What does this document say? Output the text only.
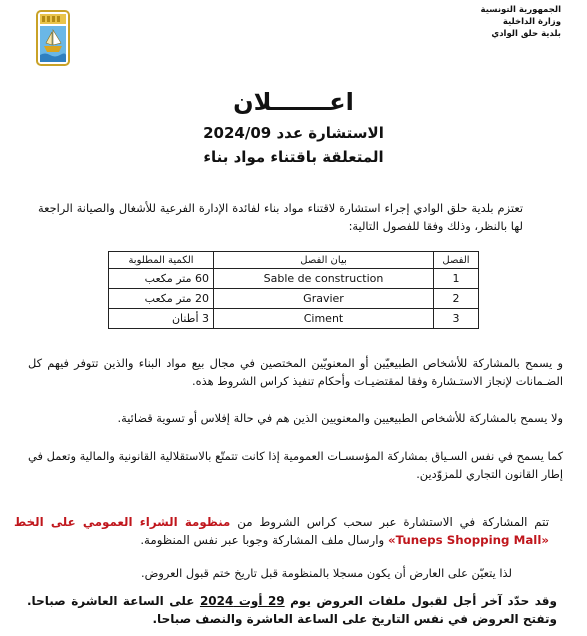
الجمهورية التونسية
وزارة الداخلية
بلدية حلق الوادي
اعـــــــلان
الاستشارة عدد 2024/09
المتعلقة باقتناء مواد بناء
تعتزم بلدية حلق الوادي إجراء استشارة لاقتناء مواد بناء لفائدة الإدارة الفرعية للأشغال والصيانة الراجعة لها بالنظر، وذلك وفقا للفصول التالية:
الكمية المطلوبة	بيان الفصل	الفصل
60 متر مكعب	Sable de construction	1
20 متر مكعب	Gravier	2
3 أطنان	Ciment	3
و يسمح بالمشاركة للأشخاص الطبيعيّين أو المعنويّين المختصين في مجال بيع مواد البناء والذين تتوفر فيهم كل الضـمانات لإنجاز الاستـشارة وفقا لمقتضيـات وأحكام تنفيذ كراس الشروط هذه.
ولا يسمح بالمشاركة للأشخاص الطبيعيين والمعنويين الذين هم في حالة إفلاس أو تسوية قضائية.
كما يسمح في نفس السـياق بمشاركة المؤسسـات العمومية إذا كانت تتمتّع بالاستقلالية القانونية والمالية وتعمل في إطار القانون التجاري للمزوّدين.
تتم المشاركة في الاستشارة عبر سحب كراس الشروط من منظومة الشراء العمومي على الخط «Tuneps Shopping Mall» وارسال ملف المشاركة وجوبا عبر نفس المنظومة.
لذا يتعيّن على العارض أن يكون مسجلا بالمنظومة قبل تاريخ ختم قبول العروض.
وقد حدّد آخر أجل لقبول ملفات العروض يوم 29 أوت 2024 على الساعة العاشرة صباحا. وتفتح العروض في نفس التاريخ على الساعة العاشرة والنصف صباحا.
